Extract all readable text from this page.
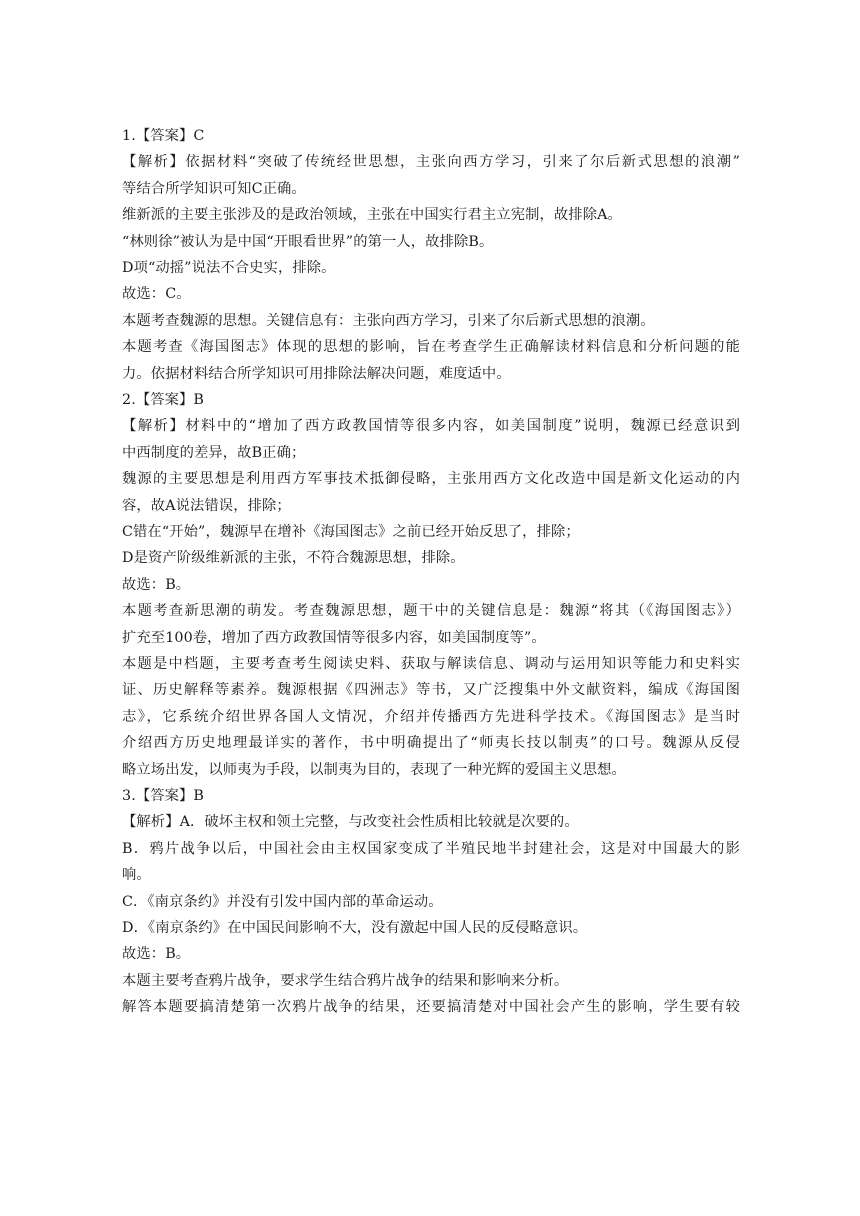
1.【答案】C
【解析】依据材料“突破了传统经世思想，主张向西方学习，引来了尔后新式思想的浪潮”
等结合所学知识可知C正确。
维新派的主要主张涉及的是政治领域，主张在中国实行君主立宪制，故排除A。
“林则徐”被认为是中国“开眼看世界”的第一人，故排除B。
D项“动摇”说法不合史实，排除。
故选：C。
本题考查魏源的思想。关键信息有：主张向西方学习，引来了尔后新式思想的浪潮。
本题考查《海国图志》体现的思想的影响，旨在考查学生正确解读材料信息和分析问题的能
力。依据材料结合所学知识可用排除法解决问题，难度适中。
2.【答案】B
【解析】材料中的“增加了西方政教国情等很多内容，如美国制度”说明，魏源已经意识到
中西制度的差异，故B正确；
魏源的主要思想是利用西方军事技术抵御侵略，主张用西方文化改造中国是新文化运动的内
容，故A说法错误，排除；
C错在“开始”，魏源早在增补《海国图志》之前已经开始反思了，排除；
D是资产阶级维新派的主张，不符合魏源思想，排除。
故选：B。
本题考查新思潮的萌发。考查魏源思想，题干中的关键信息是：魏源“将其（《海国图志》）
扩充至100卷，增加了西方政教国情等很多内容，如美国制度等”。
本题是中档题，主要考查考生阅读史料、获取与解读信息、调动与运用知识等能力和史料实
证、历史解释等素养。魏源根据《四洲志》等书，又广泛搜集中外文献资料，编成《海国图
志》，它系统介绍世界各国人文情况，介绍并传播西方先进科学技术。《海国图志》是当时
介绍西方历史地理最详实的著作，书中明确提出了“师夷长技以制夷”的口号。魏源从反侵
略立场出发，以师夷为手段，以制夷为目的，表现了一种光辉的爱国主义思想。
3.【答案】B
【解析】A．破坏主权和领土完整，与改变社会性质相比较就是次要的。
B．鸦片战争以后，中国社会由主权国家变成了半殖民地半封建社会，这是对中国最大的影
响。
C．《南京条约》并没有引发中国内部的革命运动。
D．《南京条约》在中国民间影响不大，没有激起中国人民的反侵略意识。
故选：B。
本题主要考查鸦片战争，要求学生结合鸦片战争的结果和影响来分析。
解答本题要搞清楚第一次鸦片战争的结果，还要搞清楚对中国社会产生的影响，学生要有较
